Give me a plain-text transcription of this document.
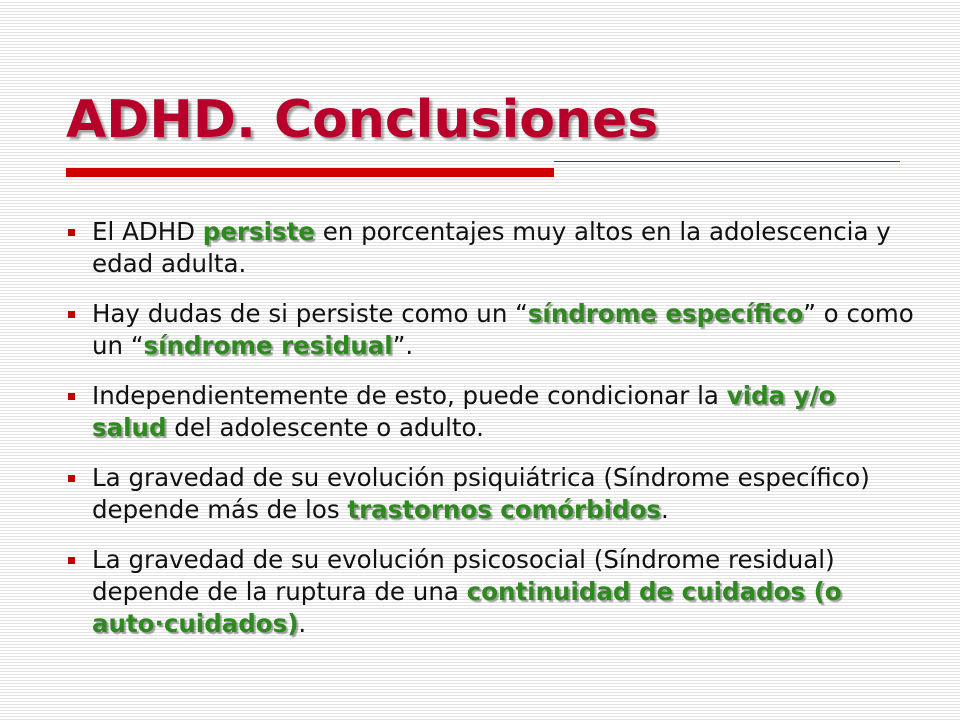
ADHD. Conclusiones
El ADHD persiste en porcentajes muy altos en la adolescencia y edad adulta.
Hay dudas de si persiste como un “síndrome específico” o como un “síndrome residual”.
Independientemente de esto, puede condicionar la vida y/o salud del adolescente o adulto.
La gravedad de su evolución psiquiátrica (Síndrome específico) depende más de los trastornos comórbidos.
La gravedad de su evolución psicosocial (Síndrome residual) depende de la ruptura de una continuidad de cuidados (o auto·cuidados).
